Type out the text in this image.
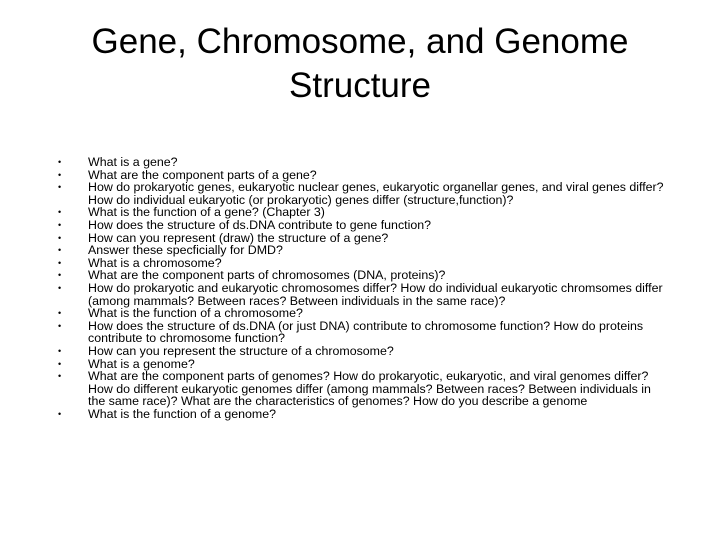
Gene, Chromosome, and Genome Structure
• What is a gene?
• What are the component parts of a gene?
• How do prokaryotic genes, eukaryotic nuclear genes, eukaryotic organellar genes, and viral genes differ? How do individual eukaryotic (or prokaryotic) genes differ (structure,function)?
• What is the function of a gene? (Chapter 3)
• How does the structure of ds.DNA contribute to gene function?
• How can you represent (draw) the structure of a gene?
• Answer these specficially for DMD?
• What is a chromosome?
• What are the component parts of chromosomes (DNA, proteins)?
• How do prokaryotic and eukaryotic chromosomes differ? How do individual eukaryotic chromsomes differ (among mammals? Between races? Between individuals in the same race)?
• What is the function of a chromosome?
• How does the structure of ds.DNA (or just DNA) contribute to chromosome function? How do proteins contribute to chromosome function?
• How can you represent the structure of a chromosome?
• What is a genome?
• What are the component parts of genomes? How do prokaryotic, eukaryotic, and viral genomes differ? How do different eukaryotic genomes differ (among mammals? Between races? Between individuals in the same race)? What are the characteristics of genomes? How do you describe a genome
• What is the function of a genome?
